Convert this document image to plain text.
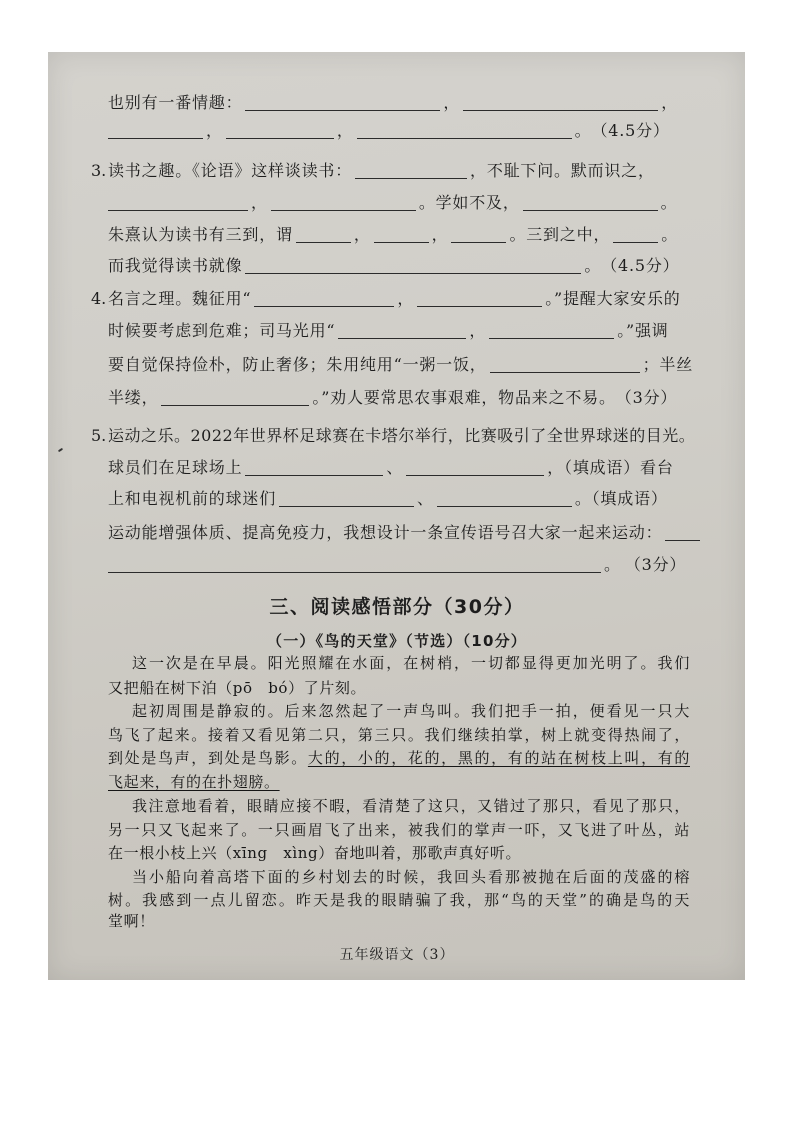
也别有一番情趣：	，	，
，	，	。 （4.5分）
3. 读书之趣。《论语》这样谈读书：	，不耻下问。默而识之，
，	。学如不及，	。
朱熹认为读书有三到，谓	，	，	。三到之中，	。
而我觉得读书就像	。 （4.5分）
4. 名言之理。魏征用“	，	。”提醒大家安乐的
时候要考虑到危难；司马光用“	，	。”强调
要自觉保持俭朴，防止奢侈；朱用纯用“一粥一饭，	；半丝
半缕，	。”劝人要常思农事艰难，物品来之不易。 （3分）
5. 运动之乐。2022年世界杯足球赛在卡塔尔举行，比赛吸引了全世界球迷的目光。
球员们在足球场上	、	，（填成语）看台
上和电视机前的球迷们	、	。（填成语）
运动能增强体质、提高免疫力，我想设计一条宣传语号召大家一起来运动：
。 （3分）
三、阅读感悟部分（30分）
（一）《鸟的天堂》（节选）（10分）
这一次是在早晨。阳光照耀在水面，在树梢，一切都显得更加光明了。我们
又把船在树下泊（pō　bó）了片刻。
起初周围是静寂的。后来忽然起了一声鸟叫。我们把手一拍，便看见一只大
鸟飞了起来。接着又看见第二只，第三只。我们继续拍掌，树上就变得热闹了，
到处是鸟声，到处是鸟影。大的，小的，花的，黑的，有的站在树枝上叫，有的
飞起来，有的在扑翅膀。
我注意地看着，眼睛应接不暇，看清楚了这只，又错过了那只，看见了那只，
另一只又飞起来了。一只画眉飞了出来，被我们的掌声一吓，又飞进了叶丛，站
在一根小枝上兴（xīng　xìng）奋地叫着，那歌声真好听。
当小船向着高塔下面的乡村划去的时候，我回头看那被抛在后面的茂盛的榕
树。我感到一点儿留恋。昨天是我的眼睛骗了我，那“鸟的天堂”的确是鸟的天
堂啊！
五年级语文（3）
